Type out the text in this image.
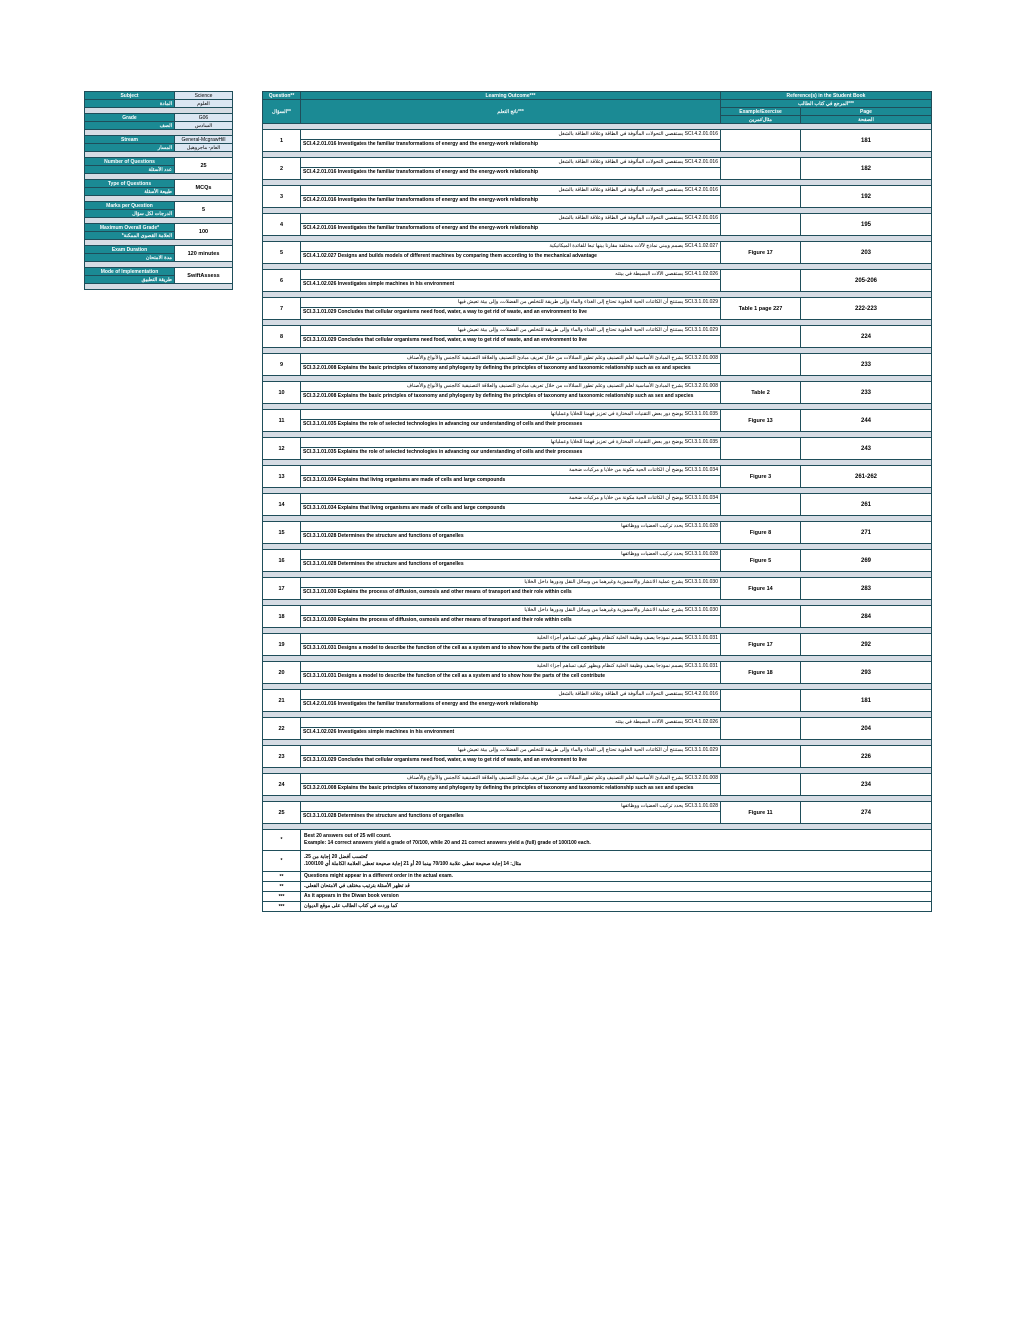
Subject	Science
المادة	العلوم

Grade	G06
الصف	السادس

Stream	General-McgrawHill
المسار	العام- ماجروهيل

Number of Questions	25
عدد الأسئلة	

Type of Questions	MCQs
طبيعة الأسئلة	

Marks per Question	5
الدرجات لكل سؤال	

Maximum Overall Grade*	100
العلامة القصوى الممكنة*	

Exam Duration	120 minutes
مدة الامتحان	

Mode of Implementation	SwiftAssess
طريقة التطبيق	

Question**	Learning Outcome***	Reference(s) in the Student Book	
السؤال**	ناتج التعلم***	المرجع في كتاب الطالب***	
		Example/Exercise	Page
		مثال/تمرين	الصفحة

1	SCI.4.2.01.016 يستقصي التحولات المألوفة في الطاقة وعلاقة الطاقة بالشغل
SCI.4.2.01.016 Investigates the familiar transformations of energy and the energy-work relationship		181

2	SCI.4.2.01.016 يستقصي التحولات المألوفة في الطاقة وعلاقة الطاقة بالشغل
SCI.4.2.01.016 Investigates the familiar transformations of energy and the energy-work relationship		182

3	SCI.4.2.01.016 يستقصي التحولات المألوفة في الطاقة وعلاقة الطاقة بالشغل
SCI.4.2.01.016 Investigates the familiar transformations of energy and the energy-work relationship		192

4	SCI.4.2.01.016 يستقصي التحولات المألوفة في الطاقة وعلاقة الطاقة بالشغل
SCI.4.2.01.016 Investigates the familiar transformations of energy and the energy-work relationship		195

5	SCI.4.1.02.027 يصمم ويبني نماذج لآلات مختلفة مقارنا بينها تبعا للفائدة الميكانيكية
SCI.4.1.02.027 Designs and builds models of different machines by comparing them according to the mechanical advantage	Figure 17	203

6	SCI.4.1.02.026 يستقصي الآلات البسيطة في بيئته
SCI.4.1.02.026 Investigates simple machines in his environment		205-206

7	SCI.3.1.01.029 يستنتج أن الكائنات الحية الخلوية تحتاج إلى الغذاء والماء وإلى طريقة للتخلص من الفضلات، وإلى بيئة تعيش فيها
SCI.3.1.01.029 Concludes that cellular organisms need food, water, a way to get rid of waste, and an environment to live	Table 1 page 227	222-223

8	SCI.3.1.01.029 يستنتج أن الكائنات الحية الخلوية تحتاج إلى الغذاء والماء وإلى طريقة للتخلص من الفضلات، وإلى بيئة تعيش فيها
SCI.3.1.01.029 Concludes that cellular organisms need food, water, a way to get rid of waste, and an environment to live		224

9	SCI.3.2.01.008 يشرح المبادئ الأساسية لعلم التصنيف وعلم تطور السلالات من خلال تعريف مبادئ التصنيف والعلاقة التصنيفية كالجنس والأنواع والأصناف
SCI.3.2.01.008 Explains the basic principles of taxonomy and phylogeny by defining the principles of taxonomy and taxonomic relationship such as ex and species		233

10	SCI.3.2.01.008 يشرح المبادئ الأساسية لعلم التصنيف وعلم تطور السلالات من خلال تعريف مبادئ التصنيف والعلاقة التصنيفية كالجنس والأنواع والأصناف
SCI.3.2.01.008 Explains the basic principles of taxonomy and phylogeny by defining the principles of taxonomy and taxonomic relationship such as sex and species	Table 2	233

11	SCI.3.1.01.035 يوضح دور بعض التقنيات المختارة في تعزيز فهمنا للخلايا وعملياتها
SCI.3.1.01.035 Explains the role of selected technologies in advancing our understanding of cells and their processes	Figure 13	244

12	SCI.3.1.01.035 يوضح دور بعض التقنيات المختارة في تعزيز فهمنا للخلايا وعملياتها
SCI.3.1.01.035 Explains the role of selected technologies in advancing our understanding of cells and their processes		243

13	SCI.3.1.01.034 يوضح أن الكائنات الحية مكونة من خلايا و مركبات ضخمة
SCI.3.1.01.034 Explains that living organisms are made of cells and large compounds	Figure 3	261-262

14	SCI.3.1.01.034 يوضح أن الكائنات الحية مكونة من خلايا و مركبات ضخمة
SCI.3.1.01.034 Explains that living organisms are made of cells and large compounds		261

15	SCI.3.1.01.028 يحدد تركيب العضيات ووظائفها
SCI.3.1.01.028 Determines the structure and functions of organelles	Figure 8	271

16	SCI.3.1.01.028 يحدد تركيب العضيات ووظائفها
SCI.3.1.01.028 Determines the structure and functions of organelles	Figure 5	269

17	SCI.3.1.01.030 يشرح عملية الانتشار والاسموزية وغيرهما من وسائل النقل ودورها داخل الخلايا
SCI.3.1.01.030 Explains the process of diffusion, osmosis and other means of transport and their role within cells	Figure 14	283

18	SCI.3.1.01.030 يشرح عملية الانتشار والاسموزية وغيرهما من وسائل النقل ودورها داخل الخلايا
SCI.3.1.01.030 Explains the process of diffusion, osmosis and other means of transport and their role within cells		284

19	SCI.3.1.01.031 يصمم نموذجا يصف وظيفة الخلية كنظام ويظهر كيف تساهم أجزاء الخلية
SCI.3.1.01.031 Designs a model to describe the function of the cell as a system and to show how the parts of the cell contribute	Figure 17	292

20	SCI.3.1.01.031 يصمم نموذجا يصف وظيفة الخلية كنظام ويظهر كيف تساهم أجزاء الخلية
SCI.3.1.01.031 Designs a model to describe the function of the cell as a system and to show how the parts of the cell contribute	Figure 18	293

21	SCI.4.2.01.016 يستقصي التحولات المألوفة في الطاقة وعلاقة الطاقة بالشغل
SCI.4.2.01.016 Investigates the familiar transformations of energy and the energy-work relationship		181

22	SCI.4.1.02.026 يستقصي الآلات البسيطة في بيئته
SCI.4.1.02.026 Investigates simple machines in his environment		204

23	SCI.3.1.01.029 يستنتج أن الكائنات الحية الخلوية تحتاج إلى الغذاء والماء وإلى طريقة للتخلص من الفضلات، وإلى بيئة تعيش فيها
SCI.3.1.01.029 Concludes that cellular organisms need food, water, a way to get rid of waste, and an environment to live		226

24	SCI.3.2.01.008 يشرح المبادئ الأساسية لعلم التصنيف وعلم تطور السلالات من خلال تعريف مبادئ التصنيف والعلاقة التصنيفية كالجنس والأنواع والأصناف
SCI.3.2.01.008 Explains the basic principles of taxonomy and phylogeny by defining the principles of taxonomy and taxonomic relationship such as sex and species		234

25	SCI.3.1.01.028 يحدد تركيب العضيات ووظائفها
SCI.3.1.01.028 Determines the structure and functions of organelles	Figure 11	274

*	Best 20 answers out of 25 will count.
Example: 14 correct answers yield a grade of 70/100, while 20 and 21 correct answers yield a (full) grade of 100/100 each.		

*	تُحتسب أفضل 20 إجابة من 25.
مثال: 14 إجابة صحيحة تعطي علامة 70/100 بينما 20 أو 21 إجابة صحيحة تعطي العلامة الكاملة أي 100/100.		

**	Questions might appear in a different order in the actual exam.		

**	قد تظهر الأسئلة بترتيب مختلف في الامتحان الفعلي.		

***	As it appears in the Diwan book version		

***	كما وردت في كتاب الطالب على موقع الديوان		
